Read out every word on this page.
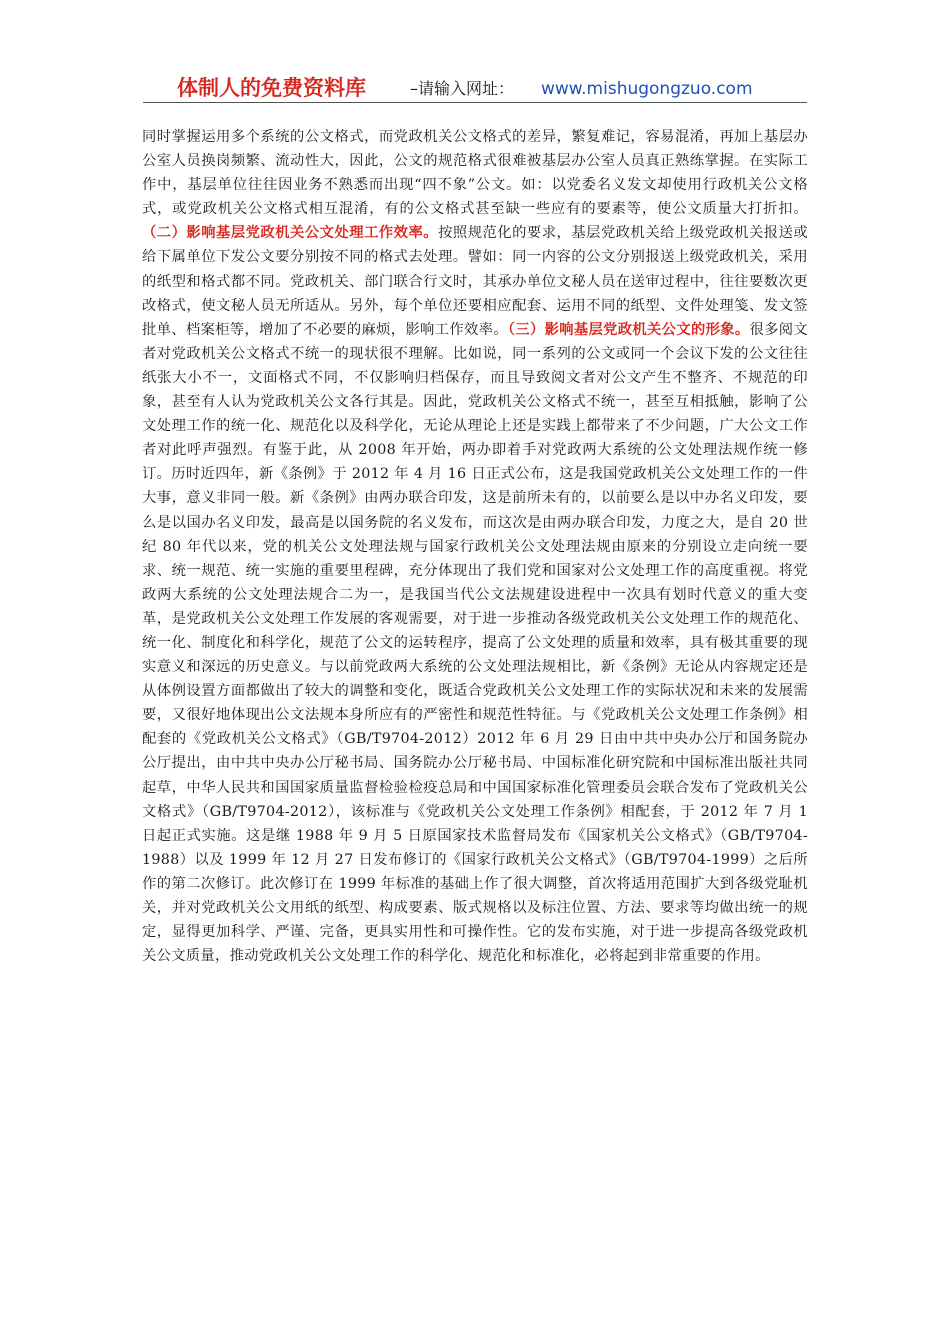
体制人的免费资料库	–请输入网址： www.mishugongzuo.com

同时掌握运用多个系统的公文格式，而党政机关公文格式的差异，繁复难记，容易混淆，再加上基层办公室人员换岗频繁、流动性大，因此，公文的规范格式很难被基层办公室人员真正熟练掌握。在实际工作中，基层单位往往因业务不熟悉而出现“四不象”公文。如：以党委名义发文却使用行政机关公文格式，或党政机关公文格式相互混淆，有的公文格式甚至缺一些应有的要素等，使公文质量大打折扣。（二）影响基层党政机关公文处理工作效率。按照规范化的要求，基层党政机关给上级党政机关报送或给下属单位下发公文要分别按不同的格式去处理。譬如：同一内容的公文分别报送上级党政机关，采用的纸型和格式都不同。党政机关、部门联合行文时，其承办单位文秘人员在送审过程中，往往要数次更改格式，使文秘人员无所适从。另外，每个单位还要相应配套、运用不同的纸型、文件处理笺、发文签批单、档案柜等，增加了不必要的麻烦，影响工作效率。（三）影响基层党政机关公文的形象。很多阅文者对党政机关公文格式不统一的现状很不理解。比如说，同一系列的公文或同一个会议下发的公文往往纸张大小不一，文面格式不同，不仅影响归档保存，而且导致阅文者对公文产生不整齐、不规范的印象，甚至有人认为党政机关公文各行其是。因此，党政机关公文格式不统一，甚至互相抵触，影响了公文处理工作的统一化、规范化以及科学化，无论从理论上还是实践上都带来了不少问题，广大公文工作者对此呼声强烈。有鉴于此，从 2008 年开始，两办即着手对党政两大系统的公文处理法规作统一修订。历时近四年，新《条例》于 2012 年 4 月 16 日正式公布，这是我国党政机关公文处理工作的一件大事，意义非同一般。新《条例》由两办联合印发，这是前所未有的，以前要么是以中办名义印发，要么是以国办名义印发，最高是以国务院的名义发布，而这次是由两办联合印发，力度之大，是自 20 世纪 80 年代以来，党的机关公文处理法规与国家行政机关公文处理法规由原来的分别设立走向统一要求、统一规范、统一实施的重要里程碑，充分体现出了我们党和国家对公文处理工作的高度重视。将党政两大系统的公文处理法规合二为一，是我国当代公文法规建设进程中一次具有划时代意义的重大变革，是党政机关公文处理工作发展的客观需要，对于进一步推动各级党政机关公文处理工作的规范化、统一化、制度化和科学化，规范了公文的运转程序，提高了公文处理的质量和效率，具有极其重要的现实意义和深远的历史意义。与以前党政两大系统的公文处理法规相比，新《条例》无论从内容规定还是从体例设置方面都做出了较大的调整和变化，既适合党政机关公文处理工作的实际状况和未来的发展需要，又很好地体现出公文法规本身所应有的严密性和规范性特征。与《党政机关公文处理工作条例》相配套的《党政机关公文格式》（GB/T9704-2012）2012 年 6 月 29 日由中共中央办公厅和国务院办公厅提出，由中共中央办公厅秘书局、国务院办公厅秘书局、中国标准化研究院和中国标准出版社共同起草，中华人民共和国国家质量监督检验检疫总局和中国国家标准化管理委员会联合发布了党政机关公文格式》（GB/T9704-2012），该标准与《党政机关公文处理工作条例》相配套，于 2012 年 7 月 1 日起正式实施。这是继 1988 年 9 月 5 日原国家技术监督局发布《国家机关公文格式》（GB/T9704-1988）以及 1999 年 12 月 27 日发布修订的《国家行政机关公文格式》（GB/T9704-1999）之后所作的第二次修订。此次修订在 1999 年标准的基础上作了很大调整，首次将适用范围扩大到各级党耻机关，并对党政机关公文用纸的纸型、构成要素、版式规格以及标注位置、方法、要求等均做出统一的规定，显得更加科学、严谨、完备，更具实用性和可操作性。它的发布实施，对于进一步提高各级党政机关公文质量，推动党政机关公文处理工作的科学化、规范化和标准化，必将起到非常重要的作用。
